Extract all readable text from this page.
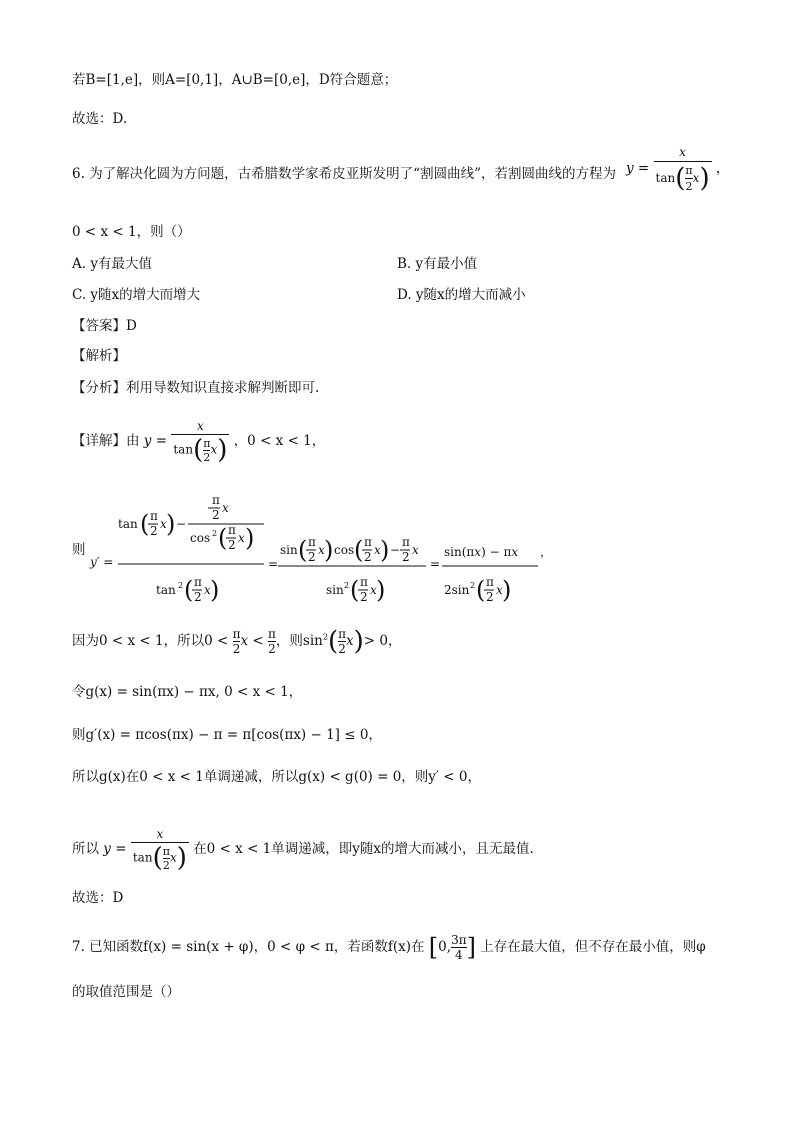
若B=[1,e]，则A=[0,1]，A∪B=[0,e]，D符合题意；
故选：D.
6. 为了解决化圆为方问题，古希腊数学家希皮亚斯发明了“割圆曲线”，若割圆曲线的方程为 $y = \frac{x}{\tan( \frac{\pi}{2} x)}$ ，
0 < x < 1，则（）
A. y有最大值	B. y有最小值
C. y随x的增大而增大	D. y随x的增大而减小
【答案】D
【解析】
【分析】利用导数知识直接求解判断即可.
【详解】由 $y = \frac{x}{\tan( \frac{\pi}{2} x)}$ ，0 < x < 1，
则
y′ =
tan ( π
2 x ) −
π
2 x
cos 2 ( π
2 x )
tan 2 ( π
2 x )
=
sin ( π
2 x ) cos ( π
2 x ) −
π
2 x
sin 2 ( π
2 x )
=
sin(πx) − πx
2sin 2 ( π
2 x )
，
因为0 < x < 1，所以$0 < \frac{\pi}{2}$ $x < \frac{\pi}{2}$ ，则$\sin^2( \frac{\pi}{2} x)> 0$，
令g(x) = sin(πx) − πx, 0 < x < 1，
则g′(x) = πcos(πx) − π = π[cos(πx) − 1] ≤ 0，
所以g(x)在0 < x < 1单调递减，所以g(x) < g(0) = 0，则y′ < 0，
所以 $y = \frac{x}{\tan( \frac{\pi}{2} x)}$ 在0 < x < 1单调递减，即y随x的增大而减小，且无最值.
故选：D
7. 已知函数f(x) = sin(x + φ)，0 < φ < π，若函数f(x)在 [0, $\frac{3\pi}{4}$ ] 上存在最大值，但不存在最小值，则φ
的取值范围是（）
